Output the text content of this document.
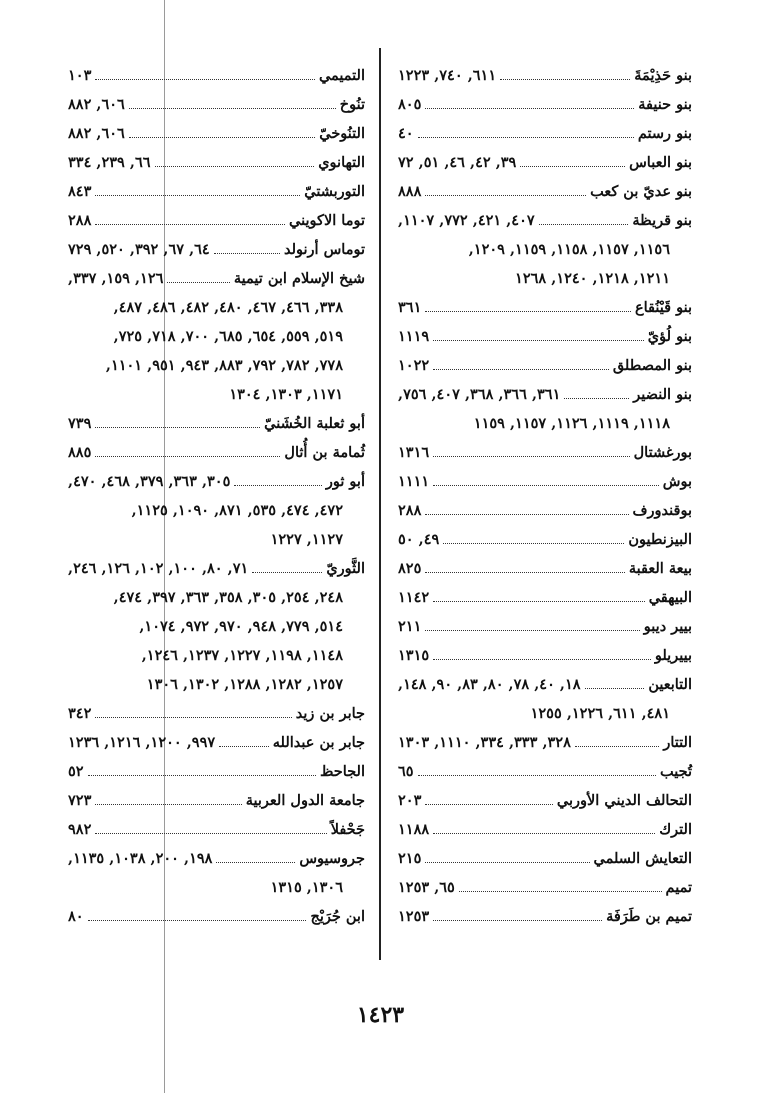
بنو حَذِيْمَةَ
٦١١, ٧٤٠, ١٢٢٣
بنو حنيفة
٨٠٥
بنو رستم
٤٠
بنو العباس
٣٩, ٤٢, ٤٦, ٥١, ٧٢
بنو عديّ بن كعب
٨٨٨
بنو قريظة
٤٠٧, ٤٢١, ٧٧٢, ١١٠٧,
١١٥٦, ١١٥٧, ١١٥٨, ١١٥٩, ١٢٠٩,
١٢١١, ١٢١٨, ١٢٤٠, ١٢٦٨
بنو قَيْنُقاع
٣٦١
بنو لُؤيّ
١١١٩
بنو المصطلق
١٠٢٢
بنو النضير
٣٦١, ٣٦٦, ٣٦٨, ٤٠٧, ٧٥٦,
١١١٨, ١١١٩, ١١٢٦, ١١٥٧, ١١٥٩
بورغشتال
١٣١٦
بوش
١١١١
بوقندورف
٢٨٨
البيزنطيون
٤٩, ٥٠
بيعة العقبة
٨٢٥
البيهقي
١١٤٢
بيير ديبو
٢١١
بييريلو
١٣١٥
التابعين
١٨, ٤٠, ٧٨, ٨٠, ٨٣, ٩٠, ١٤٨,
٤٨١, ٦١١, ١٢٢٦, ١٢٥٥
التتار
٣٢٨, ٣٣٣, ٣٣٤, ١١١٠, ١٣٠٣
تُجيب
٦٥
التحالف الديني الأوربي
٢٠٣
الترك
١١٨٨
التعايش السلمي
٢١٥
تميم
٦٥, ١٢٥٣
تميم بن طَرَفَة
١٢٥٣
التميمي
١٠٣
تنُوخ
٦٠٦, ٨٨٢
التنُوخيّ
٦٠٦, ٨٨٢
التهانوي
٦٦, ٢٣٩, ٣٣٤
التوربشتيّ
٨٤٣
توما الاكويني
٢٨٨
توماس أرنولد
٦٤, ٦٧, ٣٩٢, ٥٢٠, ٧٢٩
شيخ الإسلام ابن تيمية
١٢٦, ١٥٩, ٣٣٧,
٣٣٨, ٤٦٦, ٤٦٧, ٤٨٠, ٤٨٢, ٤٨٦, ٤٨٧,
٥١٩, ٥٥٩, ٦٥٤, ٦٨٥, ٧٠٠, ٧١٨, ٧٢٥,
٧٧٨, ٧٨٢, ٧٩٢, ٨٨٣, ٩٤٣, ٩٥١, ١١٠١,
١١٧١, ١٣٠٣, ١٣٠٤
أبو ثعلبة الخُشَنيّ
٧٣٩
ثُمامة بن أُثال
٨٨٥
أبو ثور
٣٠٥, ٣٦٣, ٣٧٩, ٤٦٨, ٤٧٠,
٤٧٢, ٤٧٤, ٥٣٥, ٨٧١, ١٠٩٠, ١١٢٥,
١١٢٧, ١٢٢٧
الثَّوريّ
٧١, ٨٠, ١٠٠, ١٠٢, ١٢٦, ٢٤٦,
٢٤٨, ٢٥٤, ٣٠٥, ٣٥٨, ٣٦٣, ٣٩٧, ٤٧٤,
٥١٤, ٧٧٩, ٩٤٨, ٩٧٠, ٩٧٢, ١٠٧٤,
١١٤٨, ١١٩٨, ١٢٢٧, ١٢٣٧, ١٢٤٦,
١٢٥٧, ١٢٨٢, ١٢٨٨, ١٣٠٢, ١٣٠٦
جابر بن زيد
٣٤٢
جابر بن عبدالله
٩٩٧, ١٢٠٠, ١٢١٦, ١٢٣٦
الجاحظ
٥٢
جامعة الدول العربية
٧٢٣
جَحْفلاً
٩٨٢
جروسيوس
١٩٨, ٢٠٠, ١٠٣٨, ١١٣٥,
١٣٠٦, ١٣١٥
ابن جُرَيْج
٨٠
١٤٢٣
